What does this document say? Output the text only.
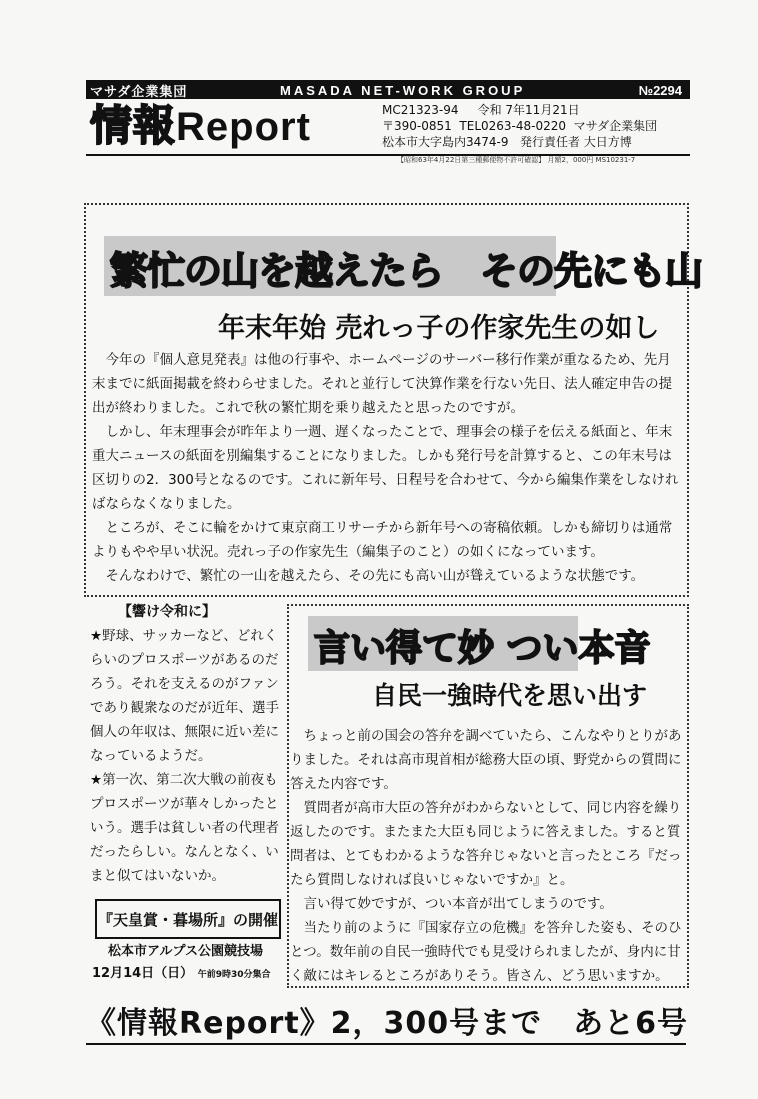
マサダ企業集団	MASADA NET-WORK GROUP	№2294
情報Report	MC21323-94 令和 7年11月21日
〒390-0851 TEL0263-48-0220 マサダ企業集団
松本市大字島内3474-9 発行責任者 大日方博
【昭和63年4月22日第三種郵便物不許可確認】 月額2，000円 MS10231-7
繁忙の山を越えたら　その先にも山
年末年始 売れっ子の作家先生の如し

今年の『個人意見発表』は他の行事や、ホームページのサーバー移行作業が重なるため、先月末までに紙面掲載を終わらせました。それと並行して決算作業を行ない先日、法人確定申告の提出が終わりました。これで秋の繁忙期を乗り越えたと思ったのですが。

しかし、年末理事会が昨年より一週、遅くなったことで、理事会の様子を伝える紙面と、年末重大ニュースの紙面を別編集することになりました。しかも発行号を計算すると、この年末号は区切りの2．300号となるのです。これに新年号、日程号を合わせて、今から編集作業をしなければならなくなりました。

ところが、そこに輪をかけて東京商工リサーチから新年号への寄稿依頼。しかも締切りは通常よりもやや早い状況。売れっ子の作家先生（編集子のこと）の如くになっています。

そんなわけで、繁忙の一山を越えたら、その先にも高い山が聳えているような状態です。

【響け令和に】

★野球、サッカーなど、どれくらいのプロスポーツがあるのだろう。それを支えるのがファンであり観衆なのだが近年、選手個人の年収は、無限に近い差になっているようだ。

★第一次、第二次大戦の前夜もプロスポーツが華々しかったという。選手は貧しい者の代理者だったらしい。なんとなく、いまと似てはいないか。

『天皇賞・暮場所』の開催
松本市アルプス公園競技場
12月14日（日） 午前9時30分集合
言い得て妙 つい本音
自民一強時代を思い出す

ちょっと前の国会の答弁を調べていたら、こんなやりとりがありました。それは高市現首相が総務大臣の頃、野党からの質問に答えた内容です。

質問者が高市大臣の答弁がわからないとして、同じ内容を繰り返したのです。またまた大臣も同じように答えました。すると質問者は、とてもわかるような答弁じゃないと言ったところ『だったら質問しなければ良いじゃないですか』と。

言い得て妙ですが、つい本音が出てしまうのです。

当たり前のように『国家存立の危機』を答弁した姿も、そのひとつ。数年前の自民一強時代でも見受けられましたが、身内に甘く敵にはキレるところがありそう。皆さん、どう思いますか。

《情報Report》2，300号まで　あと6号
